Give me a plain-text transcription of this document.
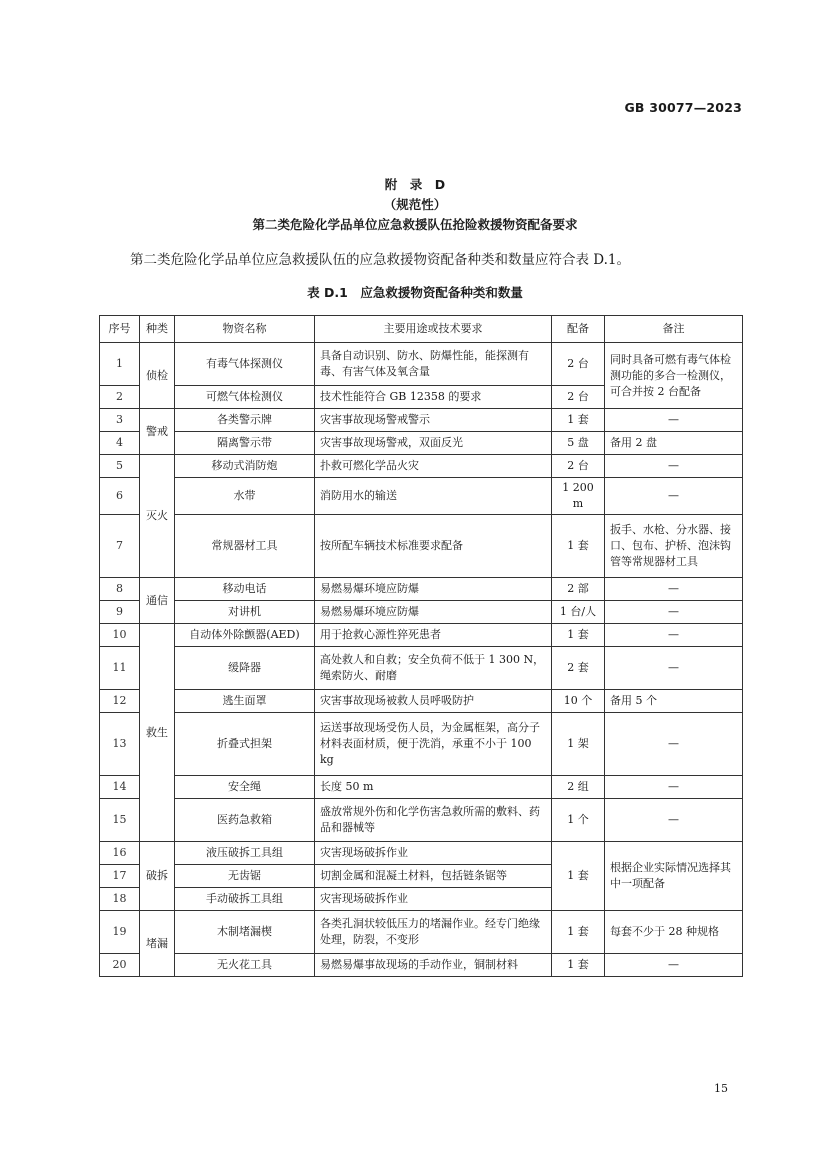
GB 30077—2023
附　录　D
（规范性）
第二类危险化学品单位应急救援队伍抢险救援物资配备要求
第二类危险化学品单位应急救援队伍的应急救援物资配备种类和数量应符合表 D.1。
表 D.1　应急救援物资配备种类和数量
序号	种类	物资名称	主要用途或技术要求	配备	备注
1	侦检	有毒气体探测仪	具备自动识别、防水、防爆性能，能探测有毒、有害气体及氧含量	2 台	同时具备可燃有毒气体检测功能的多合一检测仪，可合并按 2 台配备
2		可燃气体检测仪	技术性能符合 GB 12358 的要求	2 台	
3	警戒	各类警示牌	灾害事故现场警戒警示	1 套	—
4		隔离警示带	灾害事故现场警戒，双面反光	5 盘	备用 2 盘
5	灭火	移动式消防炮	扑救可燃化学品火灾	2 台	—
6		水带	消防用水的输送	1 200 m	—
7		常规器材工具	按所配车辆技术标准要求配备	1 套	扳手、水枪、分水器、接口、包布、护桥、泡沫钩管等常规器材工具
8	通信	移动电话	易燃易爆环境应防爆	2 部	—
9		对讲机	易燃易爆环境应防爆	1 台/人	—
10	救生	自动体外除颤器(AED)	用于抢救心源性猝死患者	1 套	—
11		缓降器	高处救人和自救；安全负荷不低于 1 300 N，绳索防火、耐磨	2 套	—
12		逃生面罩	灾害事故现场被救人员呼吸防护	10 个	备用 5 个
13		折叠式担架	运送事故现场受伤人员，为金属框架，高分子材料表面材质，便于洗消，承重不小于 100 kg	1 架	—
14		安全绳	长度 50 m	2 组	—
15		医药急救箱	盛放常规外伤和化学伤害急救所需的敷料、药品和器械等	1 个	—
16	破拆	液压破拆工具组	灾害现场破拆作业	1 套	根据企业实际情况选择其中一项配备
17		无齿锯	切割金属和混凝土材料，包括链条锯等		
18		手动破拆工具组	灾害现场破拆作业		
19	堵漏	木制堵漏楔	各类孔洞状较低压力的堵漏作业。经专门绝缘处理，防裂，不变形	1 套	每套不少于 28 种规格
20		无火花工具	易燃易爆事故现场的手动作业，铜制材料	1 套	—
15
